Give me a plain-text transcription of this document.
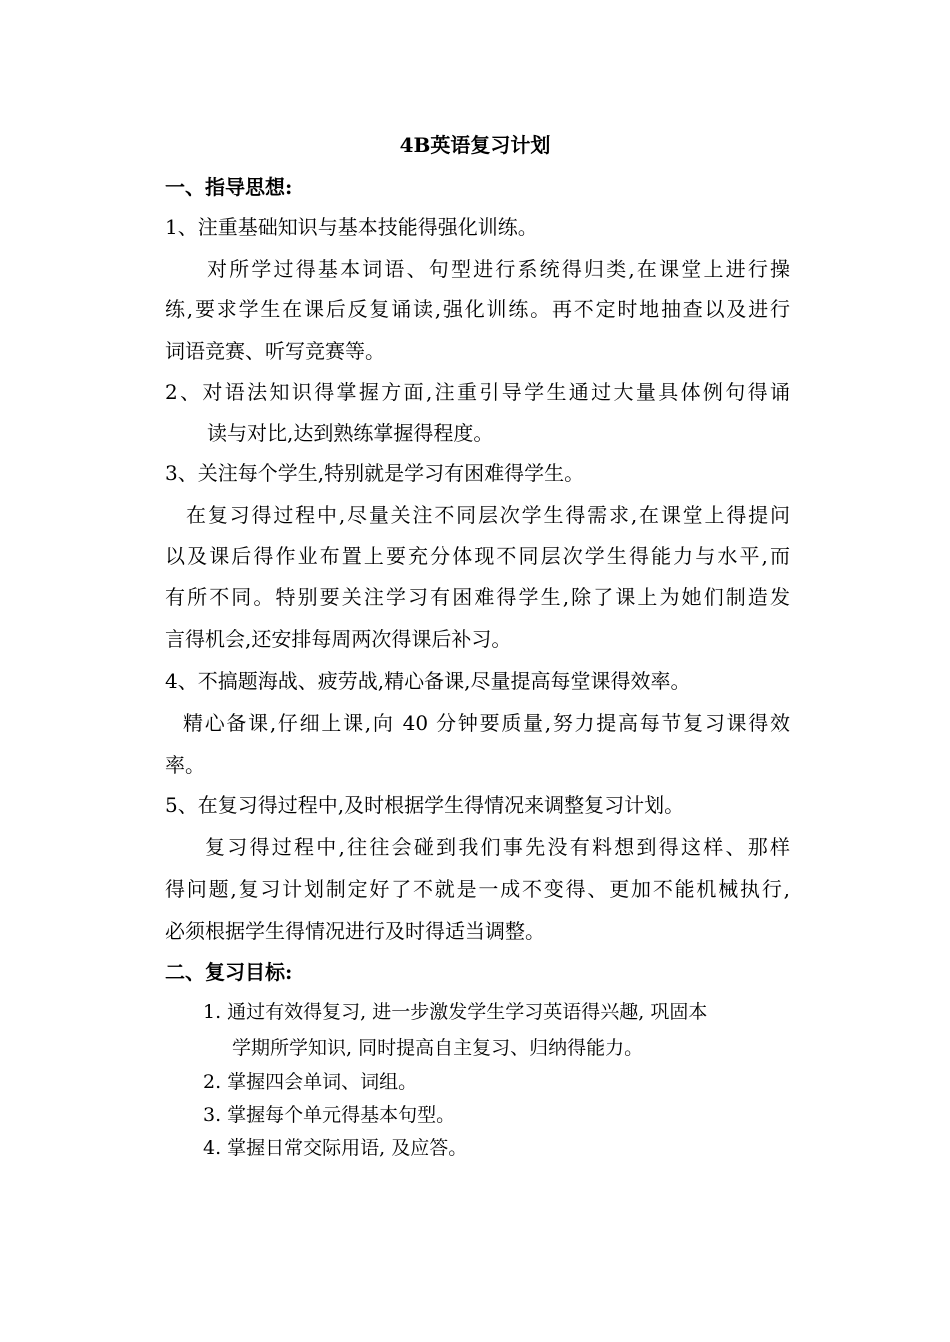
4B英语复习计划
一、指导思想:
1、注重基础知识与基本技能得强化训练。
对所学过得基本词语、句型进行系统得归类,在课堂上进行操
练,要求学生在课后反复诵读,强化训练。再不定时地抽查以及进行
词语竞赛、听写竞赛等。
2、对语法知识得掌握方面,注重引导学生通过大量具体例句得诵
读与对比,达到熟练掌握得程度。
3、关注每个学生,特别就是学习有困难得学生。
在复习得过程中,尽量关注不同层次学生得需求,在课堂上得提问
以及课后得作业布置上要充分体现不同层次学生得能力与水平,而
有所不同。特别要关注学习有困难得学生,除了课上为她们制造发
言得机会,还安排每周两次得课后补习。
4、不搞题海战、疲劳战,精心备课,尽量提高每堂课得效率。
精心备课,仔细上课,向 40 分钟要质量,努力提高每节复习课得效
率。
5、在复习得过程中,及时根据学生得情况来调整复习计划。
复习得过程中,往往会碰到我们事先没有料想到得这样、那样
得问题,复习计划制定好了不就是一成不变得、更加不能机械执行,
必须根据学生得情况进行及时得适当调整。
二、复习目标:
1. 通过有效得复习, 进一步激发学生学习英语得兴趣, 巩固本
学期所学知识, 同时提高自主复习、归纳得能力。
2. 掌握四会单词、词组。
3. 掌握每个单元得基本句型。
4. 掌握日常交际用语, 及应答。
